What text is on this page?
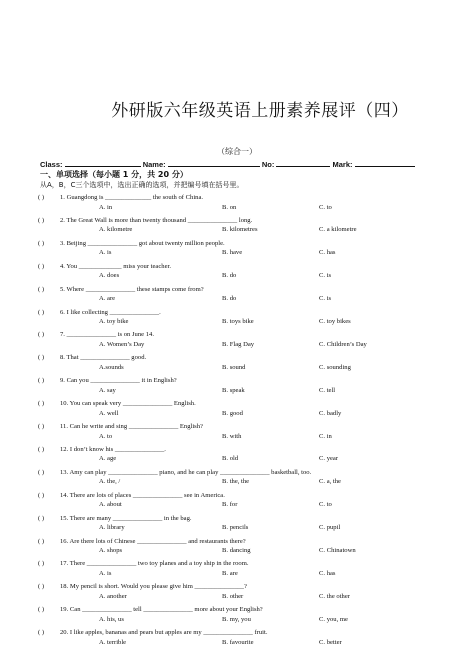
外研版六年级英语上册素养展评（四）
（综合一）
Class:	Name:	No:	Mark:
一、单项选择（每小题 1 分，共 20 分）
从A，B，C三个选项中，选出正确的选项，并把编号填在括号里。
( ) 1. Guangdong is ______________ the south of China.
A. in	B. on	C. to
( ) 2. The Great Wall is more than twenty thousand _______________ long.
A. kilometre	B. kilometres	C. a kilometre
( ) 3. Beijing _______________ got about twenty million people.
A. is	B. have	C. has
( ) 4. You _____________ miss your teacher.
A. does	B. do	C. is
( ) 5. Where _______________ these stamps come from?
A. are	B. do	C. is
( ) 6. I like collecting _______________.
A. toy bike	B. toys bike	C. toy bikes
( ) 7. _______________ is on June 14.
A. Women’s Day	B. Flag Day	C. Children’s Day
( ) 8. That _______________ good.
A.sounds	B. sound	C. sounding
( ) 9. Can you _______________ it in English?
A. say	B. speak	C. tell
( ) 10. You can speak very _______________ English.
A. well	B. good	C. badly
( ) 11. Can he write and sing _______________ English?
A. to	B. with	C. in
( ) 12. I don’t know his _______________.
A. age	B. old	C. year
( ) 13. Amy can play _______________ piano, and he can play _______________ basketball, too.
A. the, /	B. the, the	C. a, the
( ) 14. There are lots of places _______________ see in America.
A. about	B. for	C. to
( ) 15. There are many _______________ in the bag.
A. library	B. pencils	C. pupil
( ) 16. Are there lots of Chinese _______________ and restaurants there?
A. shops	B. dancing	C. Chinatown
( ) 17. There _______________ two toy planes and a toy ship in the room.
A. is	B. are	C. has
( ) 18. My pencil is short. Would you please give him _______________?
A. another	B. other	C. the other
( ) 19. Can _______________ tell _______________ more about your English?
A. his, us	B. my, you	C. you, me
( ) 20. I like apples, bananas and pears but apples are my _______________ fruit.
A. terrible	B. favourite	C. better
